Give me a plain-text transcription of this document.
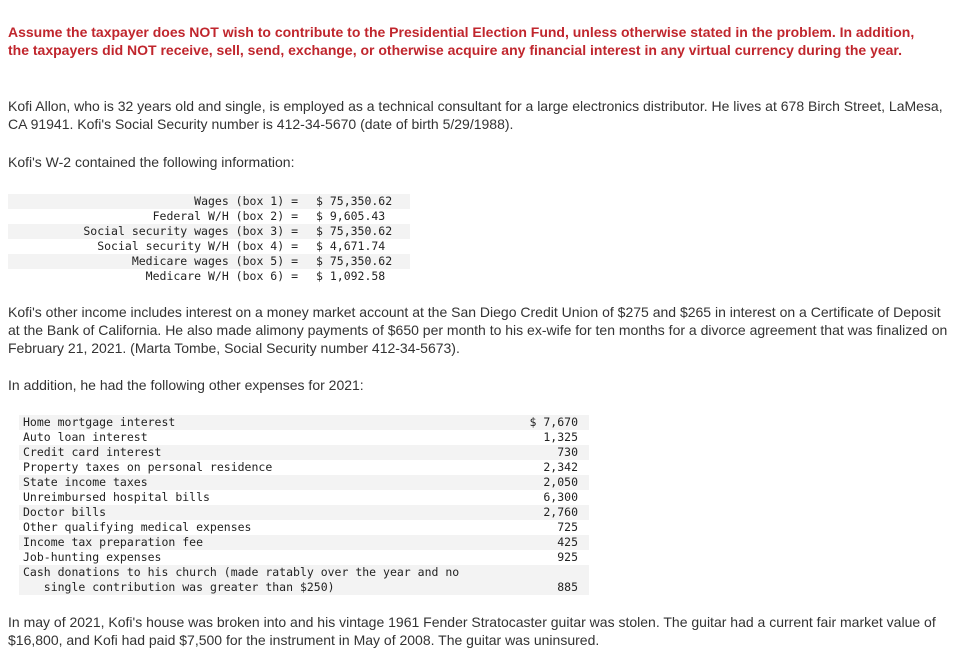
Assume the taxpayer does NOT wish to contribute to the Presidential Election Fund, unless otherwise stated in the problem. In addition, the taxpayers did NOT receive, sell, send, exchange, or otherwise acquire any financial interest in any virtual currency during the year.

Kofi Allon, who is 32 years old and single, is employed as a technical consultant for a large electronics distributor. He lives at 678 Birch Street, LaMesa, CA 91941. Kofi's Social Security number is 412-34-5670 (date of birth 5/29/1988).

Kofi's W-2 contained the following information:

Wages (box 1) =	$ 75,350.62
Federal W/H (box 2) =	$ 9,605.43
Social security wages (box 3) =	$ 75,350.62
Social security W/H (box 4) =	$ 4,671.74
Medicare wages (box 5) =	$ 75,350.62
Medicare W/H (box 6) =	$ 1,092.58

Kofi's other income includes interest on a money market account at the San Diego Credit Union of $275 and $265 in interest on a Certificate of Deposit at the Bank of California. He also made alimony payments of $650 per month to his ex-wife for ten months for a divorce agreement that was finalized on February 21, 2021. (Marta Tombe, Social Security number 412-34-5673).

In addition, he had the following other expenses for 2021:

Home mortgage interest	$ 7,670
Auto loan interest	1,325
Credit card interest	730
Property taxes on personal residence	2,342
State income taxes	2,050
Unreimbursed hospital bills	6,300
Doctor bills	2,760
Other qualifying medical expenses	725
Income tax preparation fee	425
Job-hunting expenses	925
Cash donations to his church (made ratably over the year and no
single contribution was greater than $250)	885

In may of 2021, Kofi's house was broken into and his vintage 1961 Fender Stratocaster guitar was stolen. The guitar had a current fair market value of $16,800, and Kofi had paid $7,500 for the instrument in May of 2008. The guitar was uninsured.
